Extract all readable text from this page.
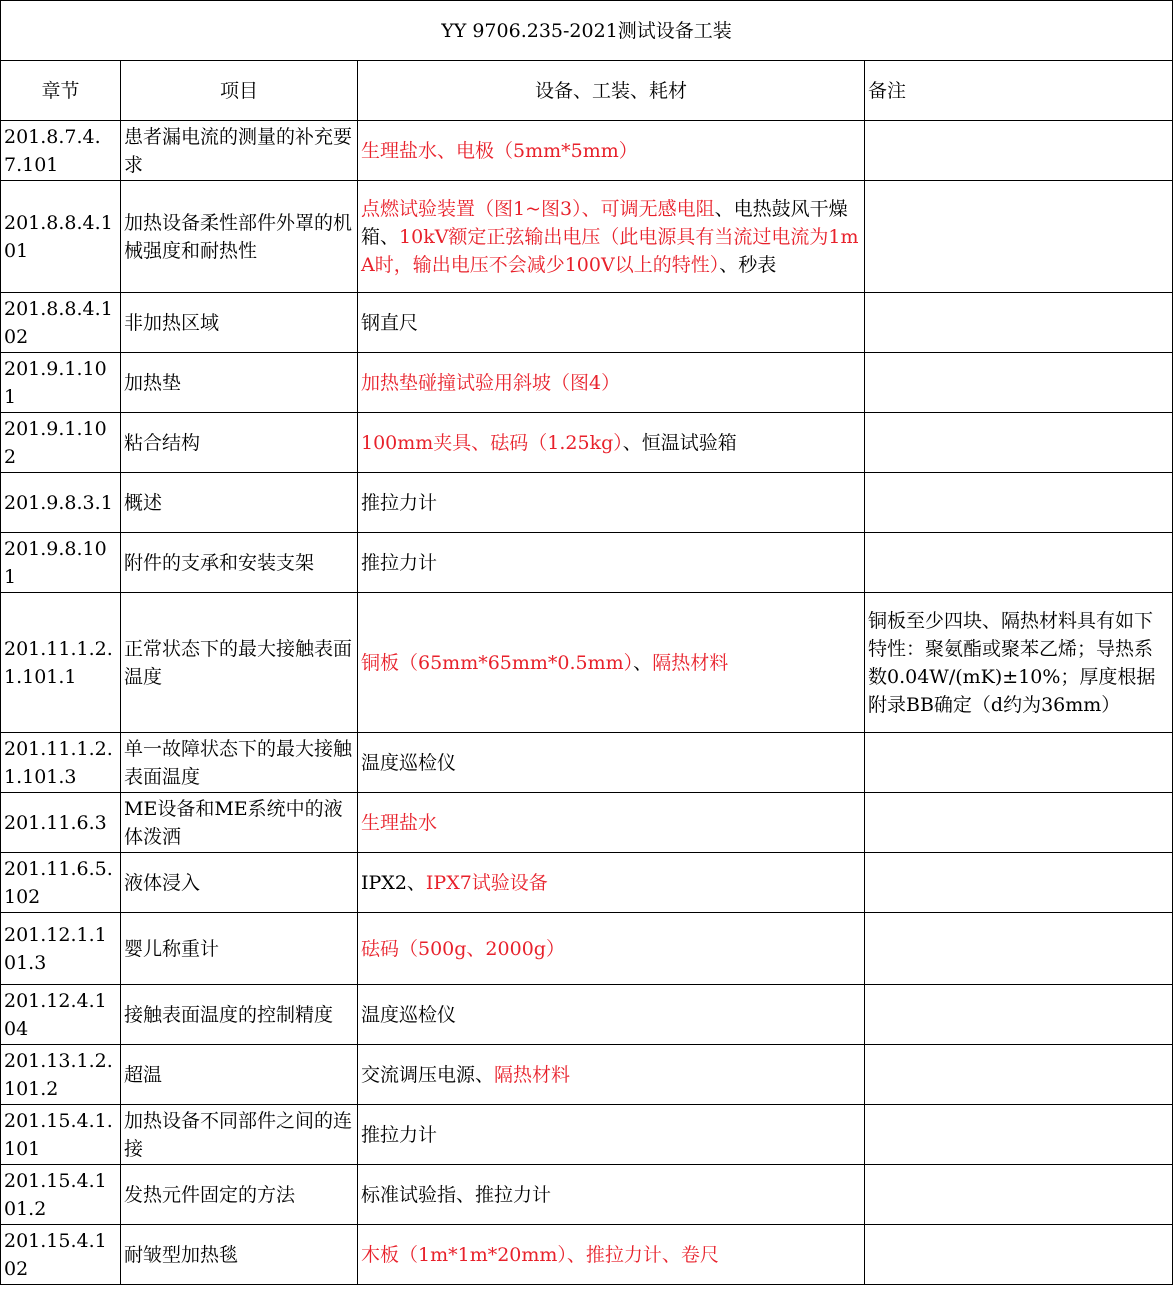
YY 9706.235-2021测试设备工装			
章节	项目	设备、工装、耗材	备注
201.8.7.4.7.101	患者漏电流的测量的补充要求	生理盐水、电极（5mm*5mm）	
201.8.8.4.101	加热设备柔性部件外罩的机械强度和耐热性	点燃试验装置（图1~图3）、可调无感电阻、电热鼓风干燥箱、10kV额定正弦输出电压（此电源具有当流过电流为1mA时，输出电压不会减少100V以上的特性）、秒表	
201.8.8.4.102	非加热区域	钢直尺	
201.9.1.101	加热垫	加热垫碰撞试验用斜坡（图4）	
201.9.1.102	粘合结构	100mm夹具、砝码（1.25kg）、恒温试验箱	
201.9.8.3.1	概述	推拉力计	
201.9.8.101	附件的支承和安装支架	推拉力计	
201.11.1.2.1.101.1	正常状态下的最大接触表面温度	铜板（65mm*65mm*0.5mm）、隔热材料	铜板至少四块、隔热材料具有如下特性：聚氨酯或聚苯乙烯；导热系数0.04W/(mK)±10%；厚度根据附录BB确定（d约为36mm）
201.11.1.2.1.101.3	单一故障状态下的最大接触表面温度	温度巡检仪	
201.11.6.3	ME设备和ME系统中的液体泼洒	生理盐水	
201.11.6.5.102	液体浸入	IPX2、IPX7试验设备	
201.12.1.101.3	婴儿称重计	砝码（500g、2000g）	
201.12.4.104	接触表面温度的控制精度	温度巡检仪	
201.13.1.2.101.2	超温	交流调压电源、隔热材料	
201.15.4.1.101	加热设备不同部件之间的连接	推拉力计	
201.15.4.101.2	发热元件固定的方法	标准试验指、推拉力计	
201.15.4.102	耐皱型加热毯	木板（1m*1m*20mm）、推拉力计、卷尺	
